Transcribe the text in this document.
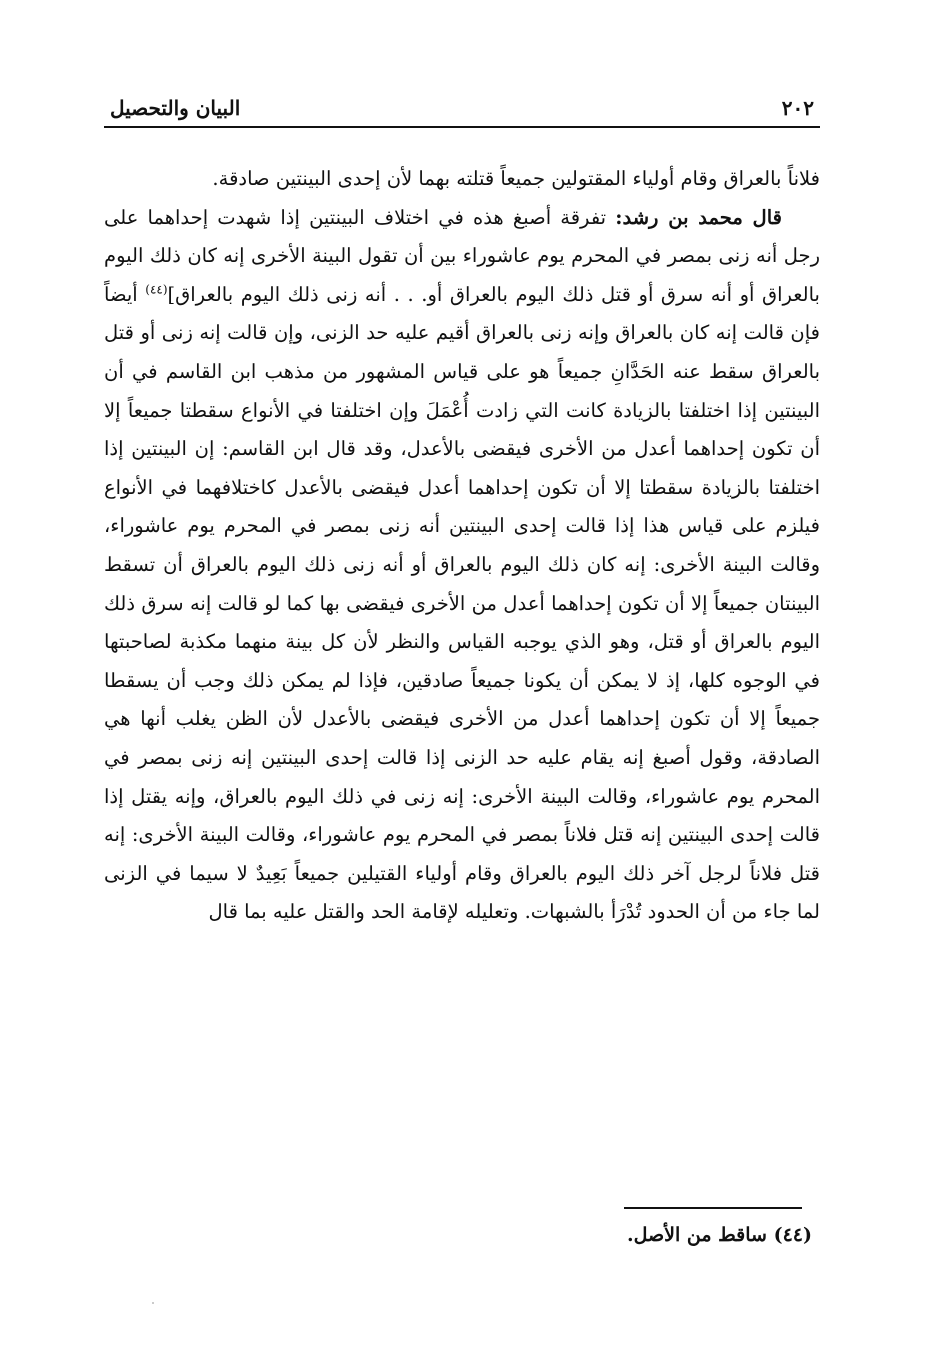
٢٠٢
البيان والتحصيل

فلاناً بالعراق وقام أولياء المقتولين جميعاً قتلته بهما لأن إحدى البينتين صادقة.

قال محمد بن رشد: تفرقة أصبغ هذه في اختلاف البينتين إذا شهدت إحداهما على رجل أنه زنى بمصر في المحرم يوم عاشوراء بين أن تقول البينة الأخرى إنه كان ذلك اليوم بالعراق أو أنه سرق أو قتل ذلك اليوم بالعراق أو. . . أنه زنى ذلك اليوم بالعراق]$^{(٤٤)}$ أيضاً فإن قالت إنه كان بالعراق وإنه زنى بالعراق أقيم عليه حد الزنى، وإن قالت إنه زنى أو قتل بالعراق سقط عنه الحَدَّانِ جميعاً هو على قياس المشهور من مذهب ابن القاسم في أن البينتين إذا اختلفتا بالزيادة كانت التي زادت أُعْمَلَ وإن اختلفتا في الأنواع سقطتا جميعاً إلا أن تكون إحداهما أعدل من الأخرى فيقضى بالأعدل، وقد قال ابن القاسم: إن البينتين إذا اختلفتا بالزيادة سقطتا إلا أن تكون إحداهما أعدل فيقضى بالأعدل كاختلافهما في الأنواع فيلزم على قياس هذا إذا قالت إحدى البينتين أنه زنى بمصر في المحرم يوم عاشوراء، وقالت البينة الأخرى: إنه كان ذلك اليوم بالعراق أو أنه زنى ذلك اليوم بالعراق أن تسقط البينتان جميعاً إلا أن تكون إحداهما أعدل من الأخرى فيقضى بها كما لو قالت إنه سرق ذلك اليوم بالعراق أو قتل، وهو الذي يوجبه القياس والنظر لأن كل بينة منهما مكذبة لصاحبتها في الوجوه كلها، إذ لا يمكن أن يكونا جميعاً صادقين، فإذا لم يمكن ذلك وجب أن يسقطا جميعاً إلا أن تكون إحداهما أعدل من الأخرى فيقضى بالأعدل لأن الظن يغلب أنها هي الصادقة، وقول أصبغ إنه يقام عليه حد الزنى إذا قالت إحدى البينتين إنه زنى بمصر في المحرم يوم عاشوراء، وقالت البينة الأخرى: إنه زنى في ذلك اليوم بالعراق، وإنه يقتل إذا قالت إحدى البينتين إنه قتل فلاناً بمصر في المحرم يوم عاشوراء، وقالت البينة الأخرى: إنه قتل فلاناً لرجل آخر ذلك اليوم بالعراق وقام أولياء القتيلين جميعاً بَعِيدٌ لا سيما في الزنى لما جاء من أن الحدود تُدْرَأ بالشبهات. وتعليله لإقامة الحد والقتل عليه بما قال

(٤٤) ساقط من الأصل.
